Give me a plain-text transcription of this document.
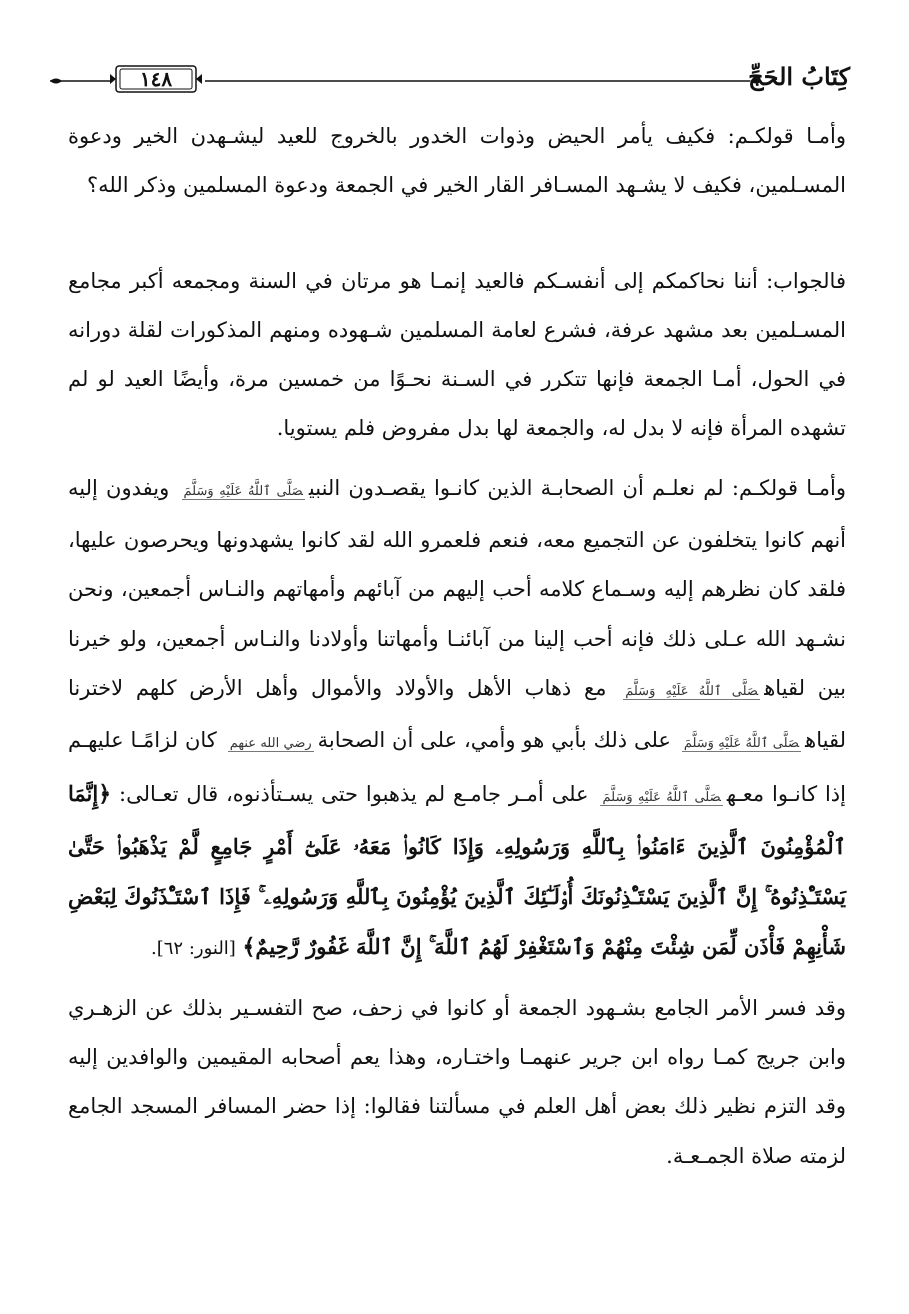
١٤٨	كِتَابُ الحَجِّ

وأمـا قولكـم: فكيف يأمر الحيض وذوات الخدور بالخروج للعيد ليشـهدن الخير ودعوة المسـلمين، فكيف لا يشـهد المسـافر القار الخير في الجمعة ودعوة المسلمين وذكر الله؟

فالجواب: أننا نحاكمكم إلى أنفسـكم فالعيد إنمـا هو مرتان في السنة ومجمعه أكبر مجامع المسـلمين بعد مشهد عرفة، فشرع لعامة المسلمين شـهوده ومنهم المذكورات لقلة دورانه في الحول، أمـا الجمعة فإنها تتكرر في السـنة نحـوًا من خمسين مرة، وأيضًا العيد لو لم تشهده المرأة فإنه لا بدل له، والجمعة لها بدل مفروض فلم يستويا.

وأمـا قولكـم: لم نعلـم أن الصحابـة الذين كانـوا يقصـدون النبيصَلَّى ٱللَّهُ عَلَيْهِ وَسَلَّمَ ويفدون إليه أنهم كانوا يتخلفون عن التجميع معه، فنعم فلعمرو الله لقد كانوا يشهدونها ويحرصون عليها، فلقد كان نظرهم إليه وسـماع كلامه أحب إليهم من آبائهم وأمهاتهم والنـاس أجمعين، ونحن نشـهد الله عـلى ذلك فإنه أحب إلينا من آبائنـا وأمهاتنا وأولادنا والنـاس أجمعين، ولو خيرنا بين لقياهصَلَّى ٱللَّهُ عَلَيْهِ وَسَلَّمَ مع ذهاب الأهل والأولاد والأموال وأهل الأرض كلهم لاخترنا لقياهصَلَّى ٱللَّهُ عَلَيْهِ وَسَلَّمَ على ذلك بأبي هو وأمي، على أن الصحابةرضي الله عنهم كان لزامًـا عليهـم إذا كانـوا معـهصَلَّى ٱللَّهُ عَلَيْهِ وَسَلَّمَ على أمـر جامـع لم يذهبوا حتى يسـتأذنوه، قال تعـالى: ﴿إِنَّمَا ٱلْمُؤْمِنُونَ ٱلَّذِينَ ءَامَنُوا۟ بِٱللَّهِ وَرَسُولِهِۦ وَإِذَا كَانُوا۟ مَعَهُۥ عَلَىٰٓ أَمْرٍ جَامِعٍ لَّمْ يَذْهَبُوا۟ حَتَّىٰ يَسْتَـْٔذِنُوهُ ۚ إِنَّ ٱلَّذِينَ يَسْتَـْٔذِنُونَكَ أُو۟لَـٰٓئِكَ ٱلَّذِينَ يُؤْمِنُونَ بِٱللَّهِ وَرَسُولِهِۦ ۚ فَإِذَا ٱسْتَـْٔذَنُوكَ لِبَعْضِ شَأْنِهِمْ فَأْذَن لِّمَن شِئْتَ مِنْهُمْ وَٱسْتَغْفِرْ لَهُمُ ٱللَّهَ ۚ إِنَّ ٱللَّهَ غَفُورٌ رَّحِيمٌ﴾ [النور: ٦٢].

وقد فسر الأمر الجامع بشـهود الجمعة أو كانوا في زحف، صح التفسـير بذلك عن الزهـري وابن جريج كمـا رواه ابن جرير عنهمـا واختـاره، وهذا يعم أصحابه المقيمين والوافدين إليه وقد التزم نظير ذلك بعض أهل العلم في مسألتنا فقالوا: إذا حضر المسافر المسجد الجامع لزمته صلاة الجمـعـة.
